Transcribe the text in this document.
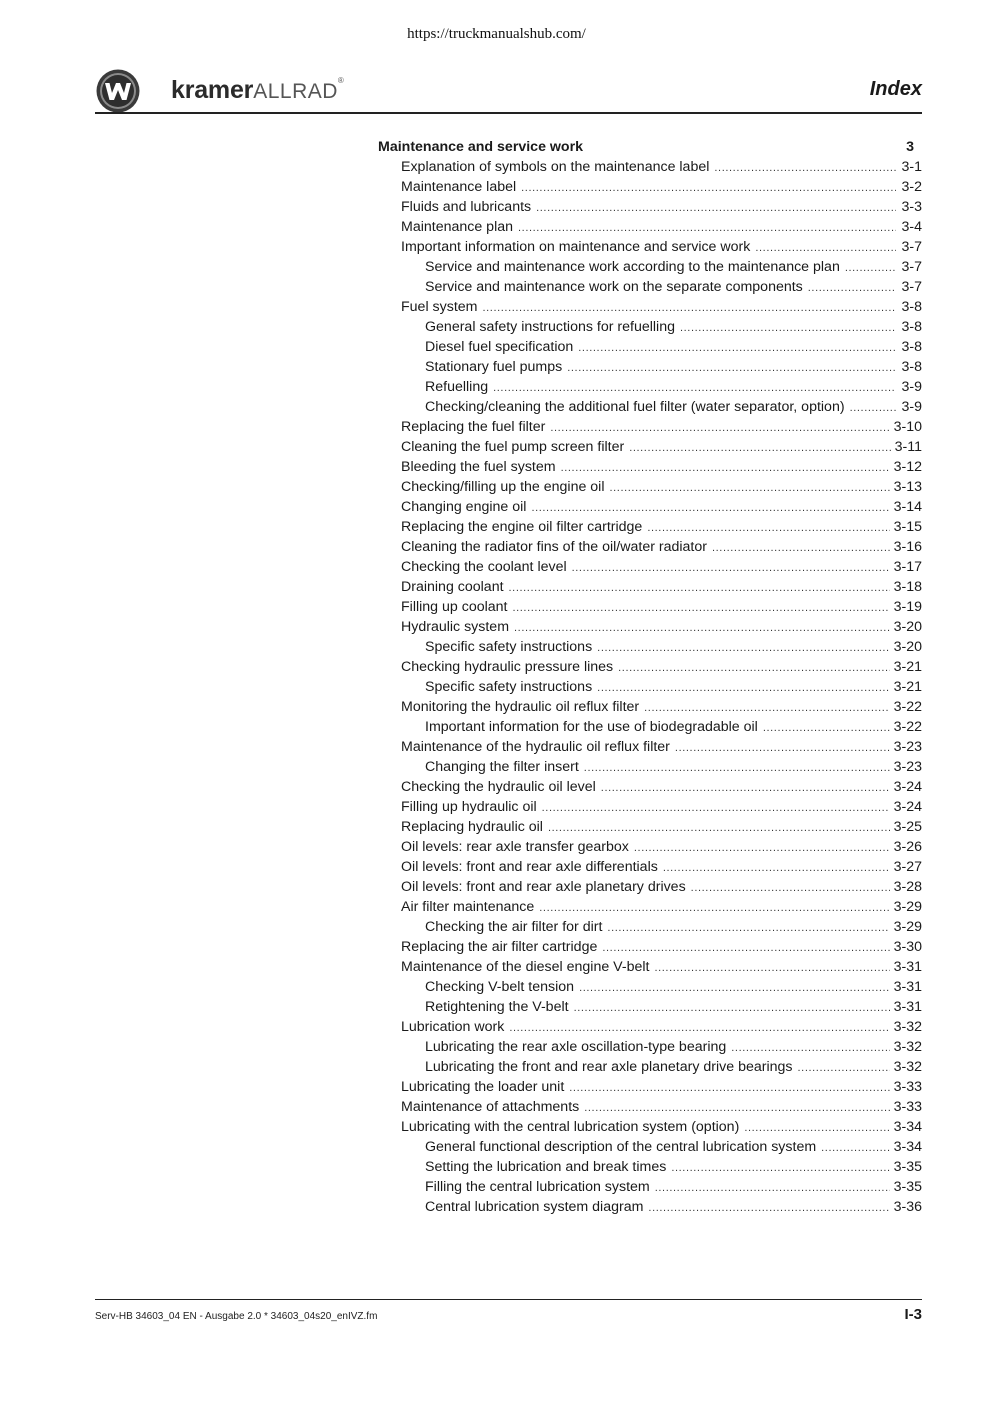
https://truckmanualshub.com/
kramerALLRAD®	Index
Maintenance and service work	3
Explanation of symbols on the maintenance label .....	3-1
Maintenance label .....	3-2
Fluids and lubricants .....	3-3
Maintenance plan .....	3-4
Important information on maintenance and service work .....	3-7
Service and maintenance work according to the maintenance plan .....	3-7
Service and maintenance work on the separate components .....	3-7
Fuel system .....	3-8
General safety instructions for refuelling .....	3-8
Diesel fuel specification .....	3-8
Stationary fuel pumps .....	3-8
Refuelling .....	3-9
Checking/cleaning the additional fuel filter (water separator, option) .....	3-9
Replacing the fuel filter .....	3-10
Cleaning the fuel pump screen filter .....	3-11
Bleeding the fuel system .....	3-12
Checking/filling up the engine oil .....	3-13
Changing engine oil .....	3-14
Replacing the engine oil filter cartridge .....	3-15
Cleaning the radiator fins of the oil/water radiator .....	3-16
Checking the coolant level .....	3-17
Draining coolant .....	3-18
Filling up coolant .....	3-19
Hydraulic system .....	3-20
Specific safety instructions .....	3-20
Checking hydraulic pressure lines .....	3-21
Specific safety instructions .....	3-21
Monitoring the hydraulic oil reflux filter .....	3-22
Important information for the use of biodegradable oil .....	3-22
Maintenance of the hydraulic oil reflux filter .....	3-23
Changing the filter insert .....	3-23
Checking the hydraulic oil level .....	3-24
Filling up hydraulic oil .....	3-24
Replacing hydraulic oil .....	3-25
Oil levels: rear axle transfer gearbox .....	3-26
Oil levels: front and rear axle differentials .....	3-27
Oil levels: front and rear axle planetary drives .....	3-28
Air filter maintenance .....	3-29
Checking the air filter for dirt .....	3-29
Replacing the air filter cartridge .....	3-30
Maintenance of the diesel engine V-belt .....	3-31
Checking V-belt tension .....	3-31
Retightening the V-belt .....	3-31
Lubrication work .....	3-32
Lubricating the rear axle oscillation-type bearing .....	3-32
Lubricating the front and rear axle planetary drive bearings .....	3-32
Lubricating the loader unit .....	3-33
Maintenance of attachments .....	3-33
Lubricating with the central lubrication system (option) .....	3-34
General functional description of the central lubrication system .....	3-34
Setting the lubrication and break times .....	3-35
Filling the central lubrication system .....	3-35
Central lubrication system diagram .....	3-36
Serv-HB 34603_04 EN - Ausgabe 2.0 * 34603_04s20_enIVZ.fm	I-3
